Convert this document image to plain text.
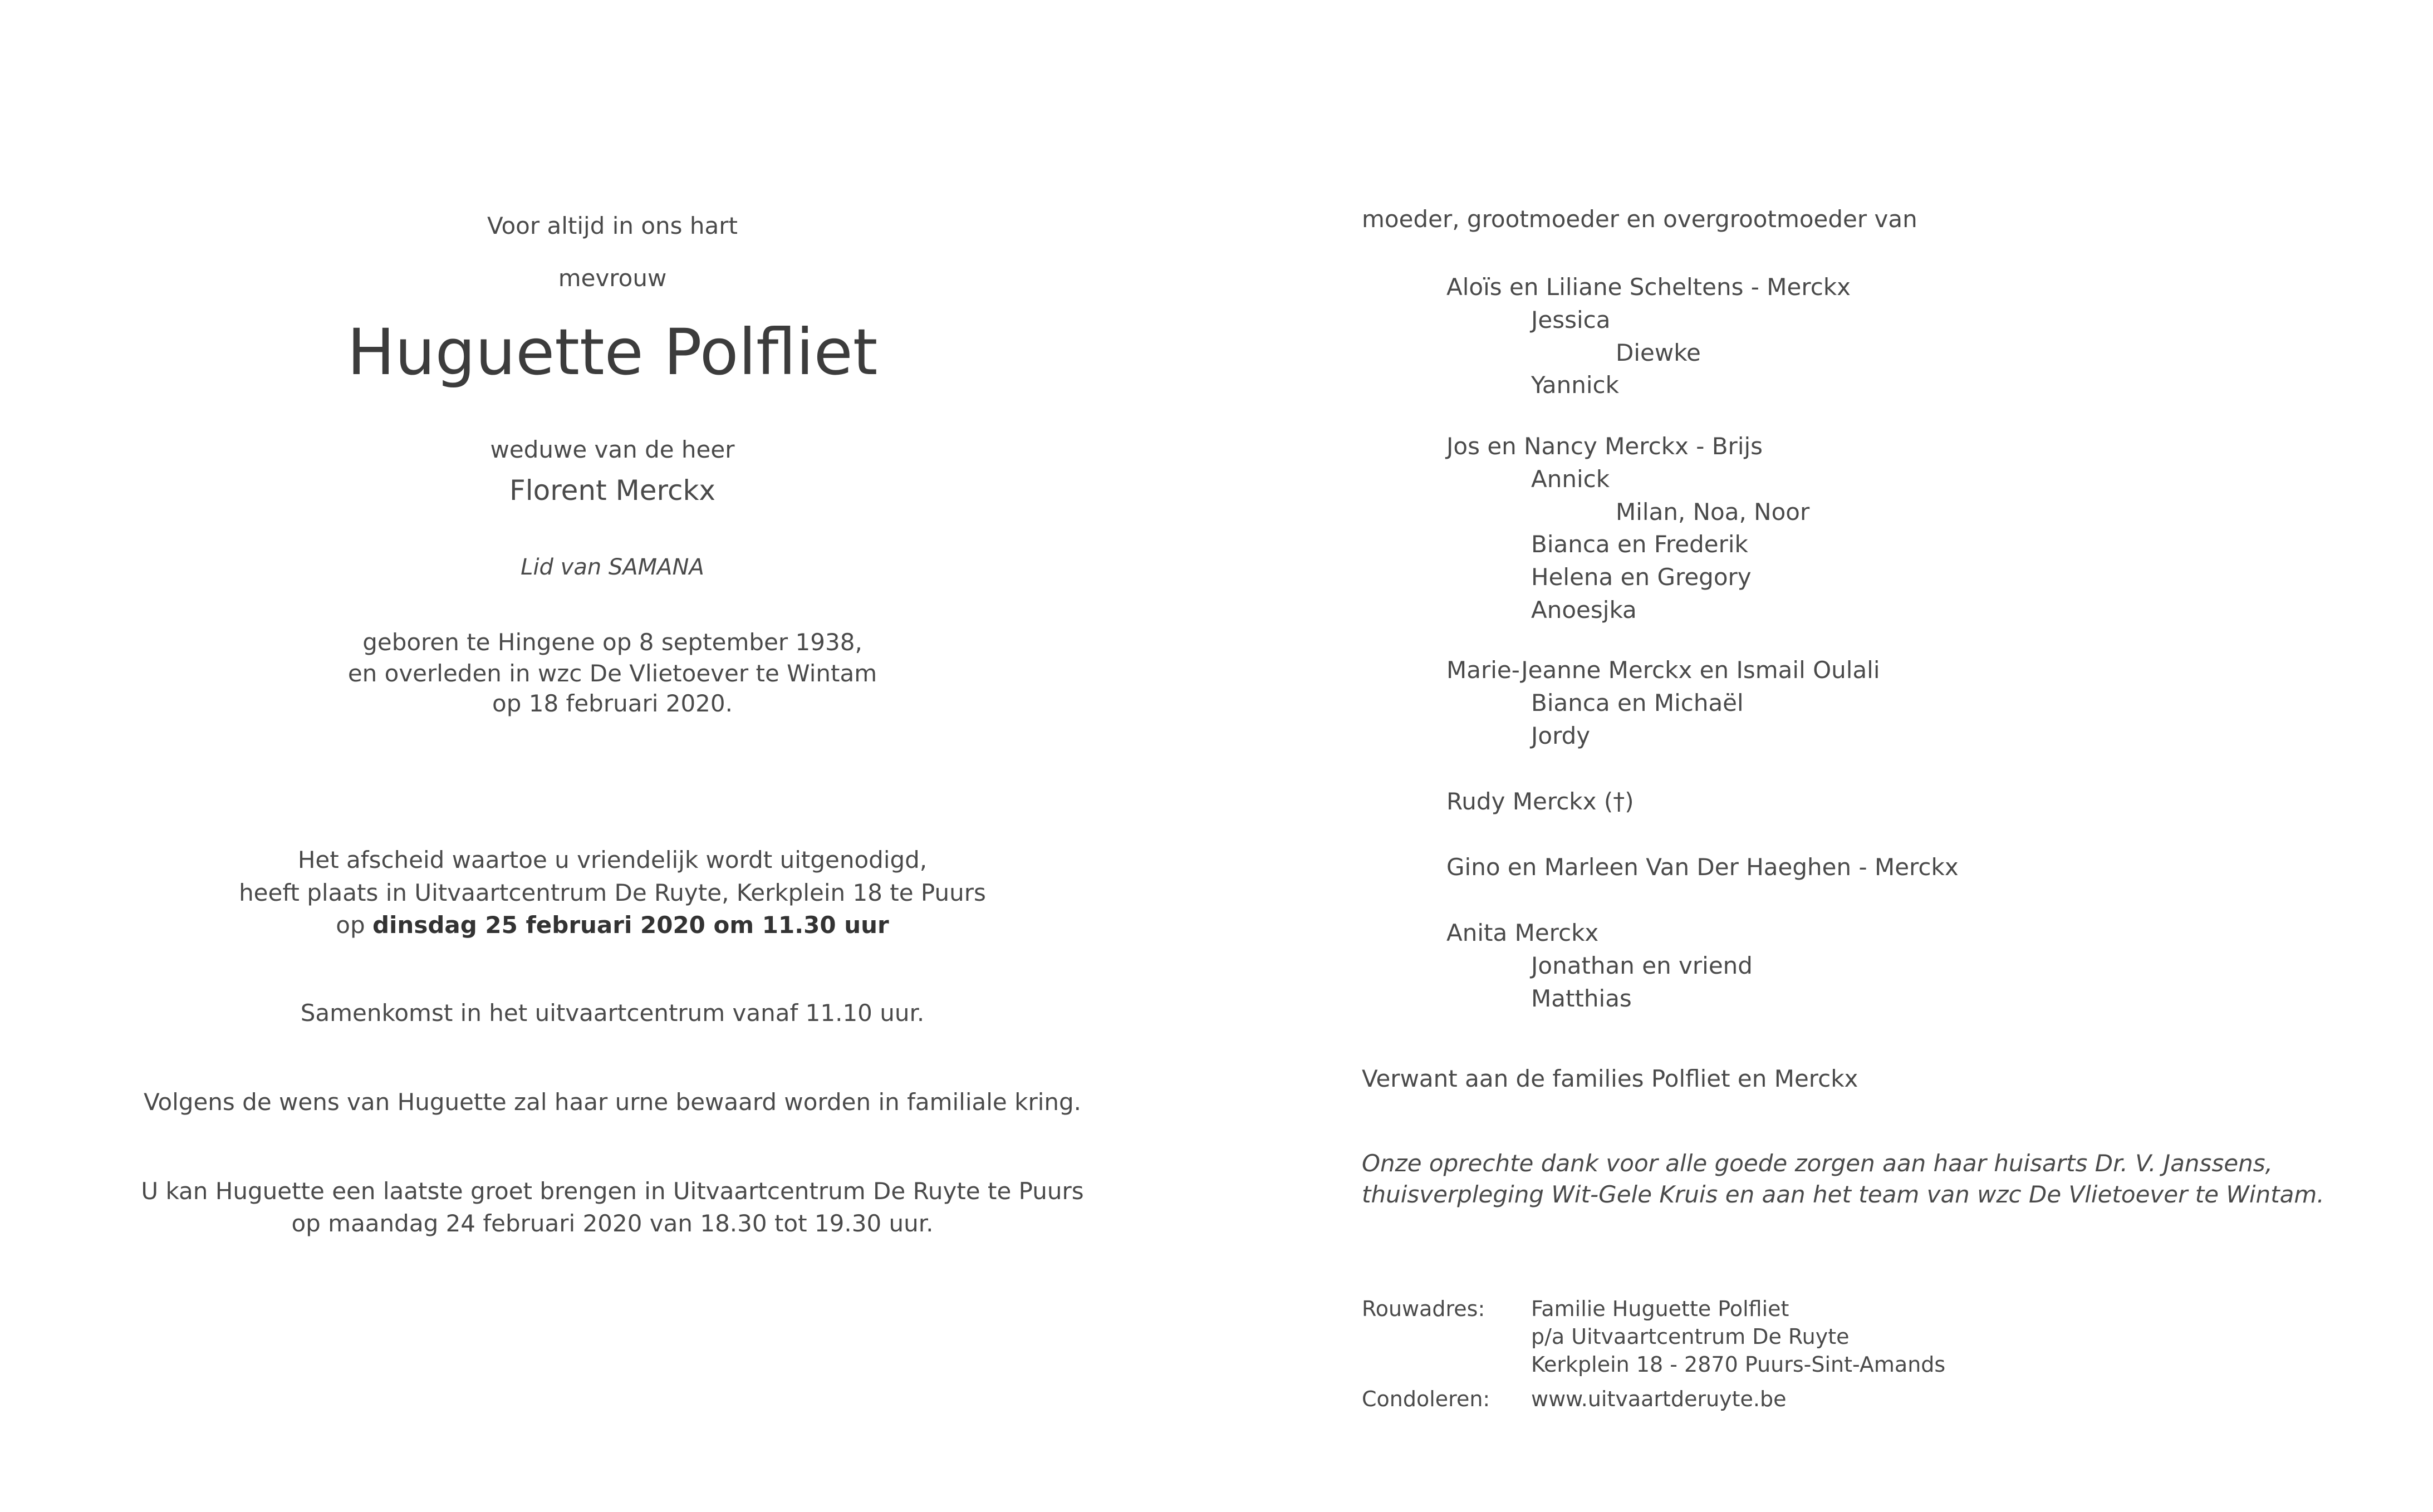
Voor altijd in ons hart
mevrouw
Huguette Polfliet
weduwe van de heer
Florent Merckx
Lid van SAMANA
geboren te Hingene op 8 september 1938,
en overleden in wzc De Vlietoever te Wintam
op 18 februari 2020.
Het afscheid waartoe u vriendelijk wordt uitgenodigd,
heeft plaats in Uitvaartcentrum De Ruyte, Kerkplein 18 te Puurs
op dinsdag 25 februari 2020 om 11.30 uur
Samenkomst in het uitvaartcentrum vanaf 11.10 uur.
Volgens de wens van Huguette zal haar urne bewaard worden in familiale kring.
U kan Huguette een laatste groet brengen in Uitvaartcentrum De Ruyte te Puurs
op maandag 24 februari 2020 van 18.30 tot 19.30 uur.
moeder, grootmoeder en overgrootmoeder van
Aloïs en Liliane Scheltens - Merckx
Jessica
Diewke
Yannick
Jos en Nancy Merckx - Brijs
Annick
Milan, Noa, Noor
Bianca en Frederik
Helena en Gregory
Anoesjka
Marie-Jeanne Merckx en Ismail Oulali
Bianca en Michaël
Jordy
Rudy Merckx (†)
Gino en Marleen Van Der Haeghen - Merckx
Anita Merckx
Jonathan en vriend
Matthias
Verwant aan de families Polfliet en Merckx
Onze oprechte dank voor alle goede zorgen aan haar huisarts Dr. V. Janssens,
thuisverpleging Wit-Gele Kruis en aan het team van wzc De Vlietoever te Wintam.
Rouwadres: Familie Huguette Polfliet
p/a Uitvaartcentrum De Ruyte
Kerkplein 18 - 2870 Puurs-Sint-Amands
Condoleren: www.uitvaartderuyte.be
